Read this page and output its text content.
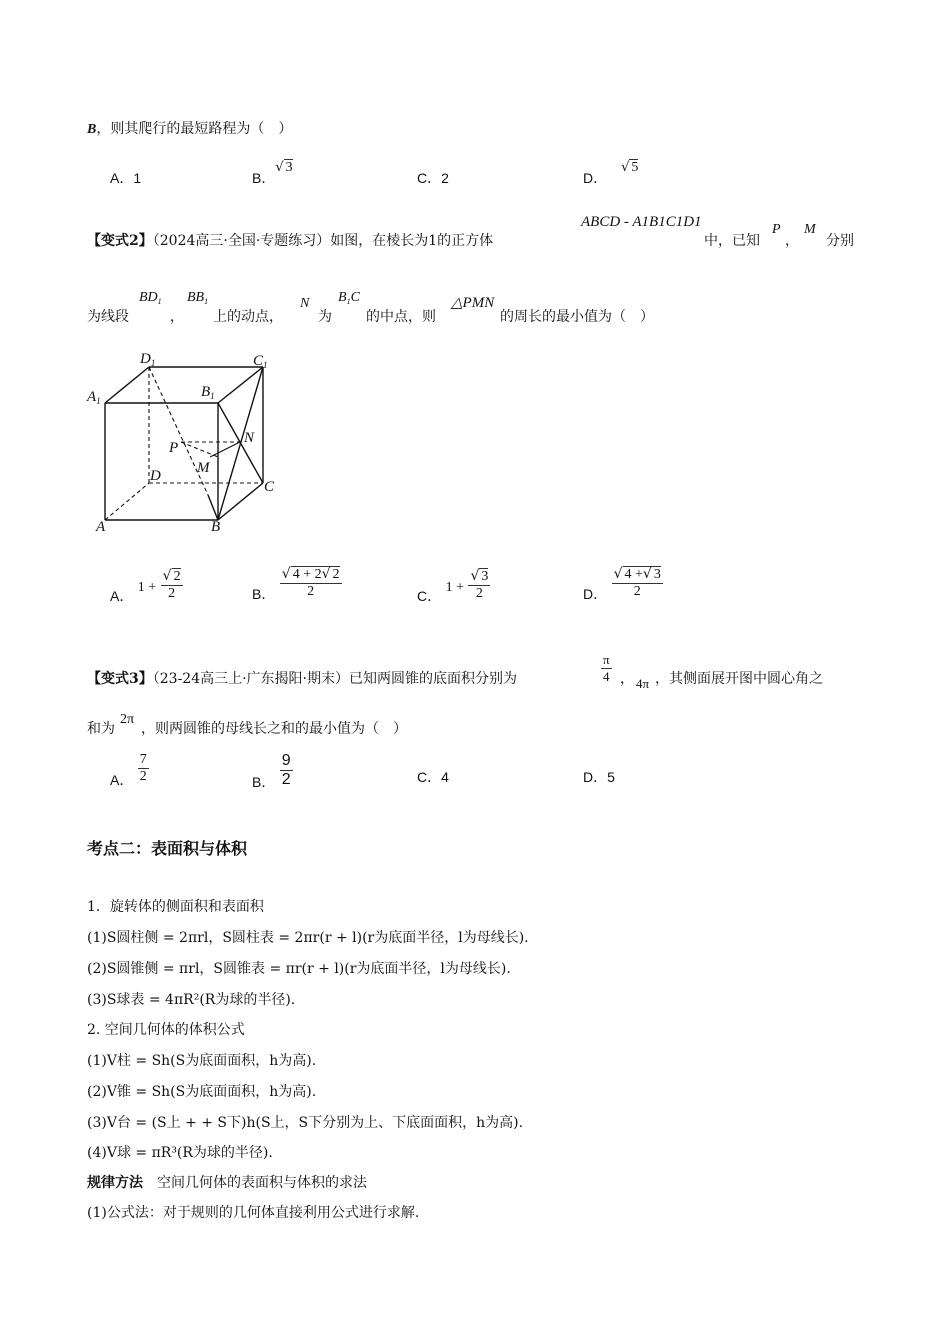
B，则其爬行的最短路程为（　）
A．1	B．√ 3
C．2	D．√ 5
【变式2】（2024高三·全国·专题练习）如图，在棱长为1的正方体
ABCD - A1B1C1D1
中，已知
P
，
M
分别
为线段
$BD_1$
，
$BB_1$
上的动点，
N
为
$B_1C$
的中点，则
△PMN
的周长的最小值为（　）
$D_1$	$C_1$
$A_1$
$B_1$
P
N
M
D
C
A	B
A． $1 + \frac{√ 2}{2}$	B． $\frac{√ 4 + 2√ 2}{2}$	C． $1 + \frac{√ 3}{2}$	D． $\frac{√ 4 +√ 3}{2}$
【变式3】（23-24高三上·广东揭阳·期末）已知两圆锥的底面积分别为	$\frac{\pi}{4}$ ， 4π ，其侧面展开图中圆心角之
和为
2π
，则两圆锥的母线长之和的最小值为（　）
A． $\frac{7}{2}$	B． $\frac{9}{2}$	C．4	D．5
考点二：表面积与体积
1．旋转体的侧面积和表面积
(1)S圆柱侧 = 2πrl，S圆柱表 = 2πr(r + l)(r为底面半径，l为母线长).
(2)S圆锥侧 = πrl，S圆锥表 = πr(r + l)(r为底面半径，l为母线长).
(3)S球表 = 4πR²(R为球的半径).
2. 空间几何体的体积公式
(1)V柱 = Sh(S为底面面积，h为高).
(2)V锥 = Sh(S为底面面积，h为高).
(3)V台 = (S上 + + S下)h(S上，S下分别为上、下底面面积，h为高).
(4)V球 = πR³(R为球的半径).
规律方法 空间几何体的表面积与体积的求法
(1)公式法：对于规则的几何体直接利用公式进行求解.
